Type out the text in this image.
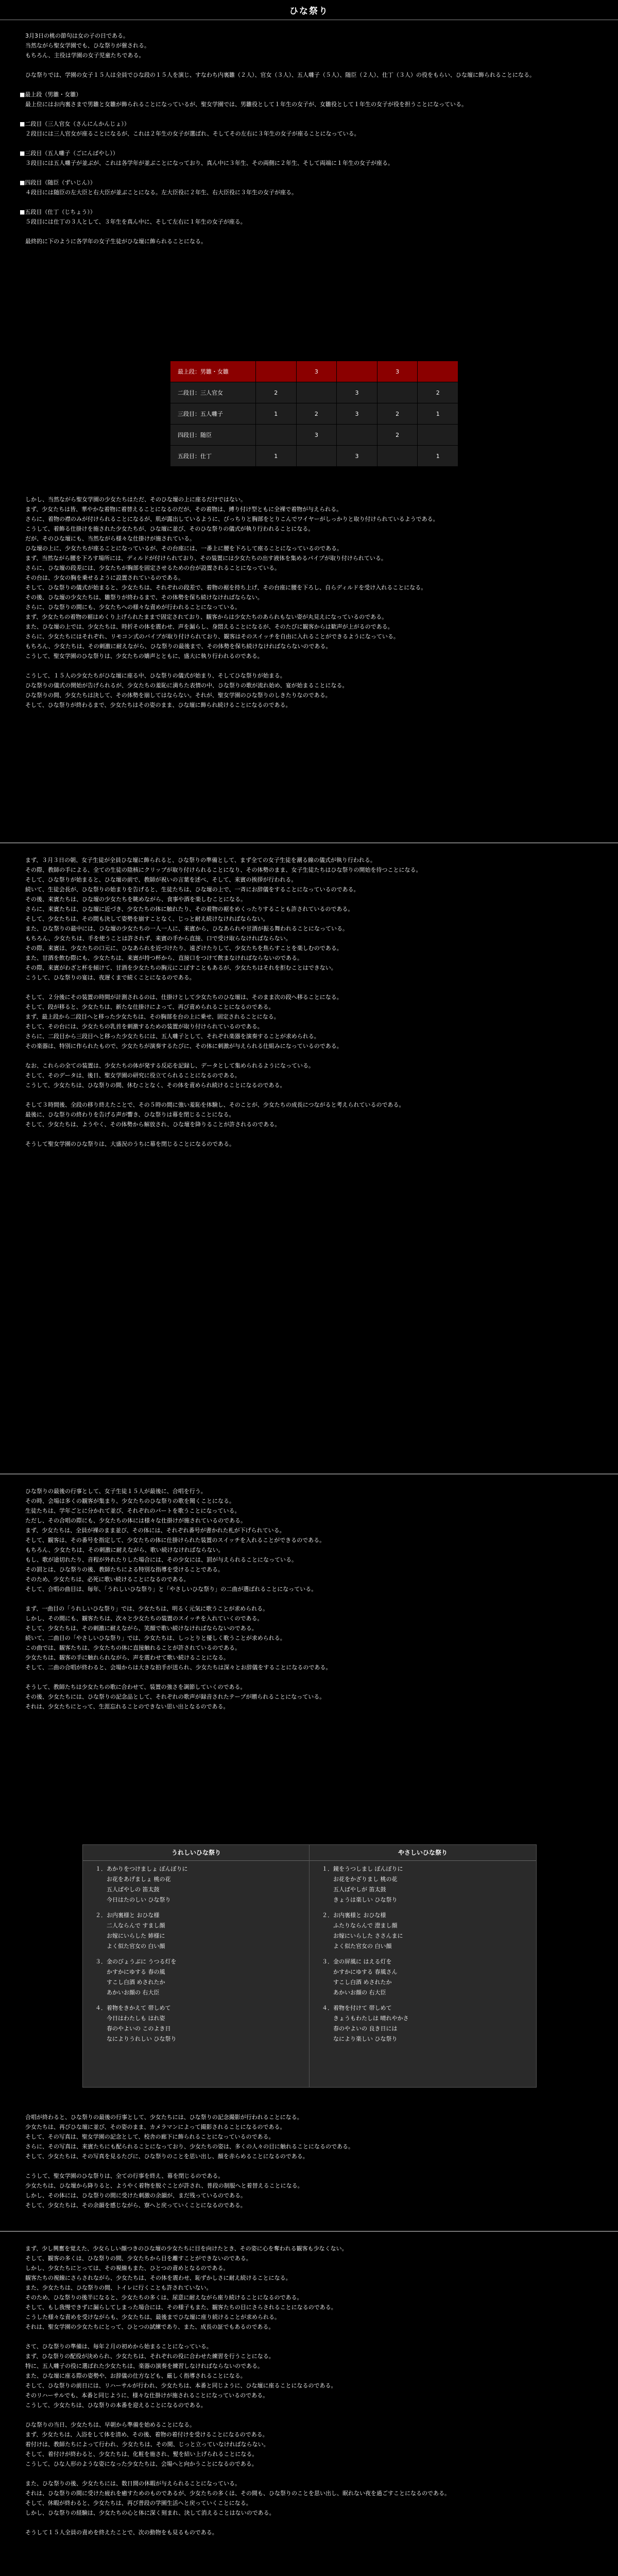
ひな祭り

　3月3日の桃の節句は女の子の日である。

　当然ながら聖女学園でも、ひな祭りが催される。

　もちろん、主役は学園の女子児童たちである。

　ひな祭りでは、学園の女子１５人は全員でひな段の１５人を演じ、すなわち内裏雛（２人）、官女（３人）、五人囃子（５人）、随臣（２人）、仕丁（３人）の役をもらい、ひな壇に飾られることになる。

■最上段（男雛・女雛）

　最上位にはお内裏さまで男雛と女雛が飾られることになっているが、聖女学園では、男雛役として１年生の女子が、女雛役として１年生の女子が役を担うことになっている。

■二段目（三人官女（さんにんかんじょ））

　２段目には三人官女が座ることになるが、これは２年生の女子が選ばれ、そしてその左右に３年生の女子が座ることになっている。

■三段目（五人囃子（ごにんばやし））

　３段目には五人囃子が並ぶが、これは各学年が並ぶことになっており、真ん中に３年生、その両側に２年生、そして両端に１年生の女子が座る。

■四段目（随臣（ずいじん））

　４段目には随臣の左大臣と右大臣が並ぶことになる。左大臣役に２年生、右大臣役に３年生の女子が座る。

■五段目（仕丁（じちょう））

　５段目には仕丁の３人として、３年生を真ん中に、そして左右に１年生の女子が座る。

　最終的に下のように各学年の女子生徒がひな壇に飾られることになる。

最上段：男雛・女雛		3		3	
二段目：三人官女	2		3		2
三段目：五人囃子	1	2	3	2	1
四段目：随臣		3		2	
五段目：仕丁	1		3		1

　しかし、当然ながら聖女学園の少女たちはただ、そのひな壇の上に座るだけではない。

　まず、少女たちは皆、華やかな着物に着替えることになるのだが、その着物は、縛り付け型ともに全裸で着物が与えられる。

　さらに、着物の襟のみが付けられることになるが、肌が露出しているように、びっちりと胸部をとりこんでワイヤーがしっかりと取り付けられているようである。

　こうして、着飾る仕掛けを施された少女たちが、ひな壇に並び、そのひな祭りの儀式が執り行われることになる。

　だが、そのひな壇にも、当然ながら様々な仕掛けが施されている。

　ひな壇の上に、少女たちが座ることになっているが、その台座には、一番上に腰を下ろして座ることになっているのである。

　まず、当然ながら腰を下ろす場所には、ディルドが付けられており、その装置には少女たちの出す液体を集めるパイプが取り付けられている。

　さらに、ひな壇の段差には、少女たちが胸部を固定させるための台が設置されることになっている。

　その台は、少女の胸を乗せるように設置されているのである。

　そして、ひな祭りの儀式が始まると、少女たちは、それぞれの段差で、着物の裾を持ち上げ、その台座に腰を下ろし、自らディルドを受け入れることになる。

　その後、ひな壇の少女たちは、雛祭りが終わるまで、その体勢を保ち続けなければならない。

　さらに、ひな祭りの間にも、少女たちへの様々な責めが行われることになっている。

　まず、少女たちの着物の裾はめくり上げられたままで固定されており、観客からは少女たちのあられもない姿が丸見えになっているのである。

　また、ひな壇の上では、少女たちは、時折その体を震わせ、声を漏らし、身悶えることになるが、そのたびに観客からは歓声が上がるのである。

　さらに、少女たちにはそれぞれ、リモコン式のバイブが取り付けられており、観客はそのスイッチを自由に入れることができるようになっている。

　もちろん、少女たちは、その刺激に耐えながら、ひな祭りの最後まで、その体勢を保ち続けなければならないのである。

　こうして、聖女学園のひな祭りは、少女たちの嬌声とともに、盛大に執り行われるのである。

　こうして、１５人の少女たちがひな壇に座る中、ひな祭りの儀式が始まり、そしてひな祭りが始まる。

　ひな祭りの儀式の開始が告げられるが、少女たちの羞恥に満ちた表情の中、ひな祭りの歌が流れ始め、宴が始まることになる。

　ひな祭りの間、少女たちは決して、その体勢を崩してはならない。それが、聖女学園のひな祭りのしきたりなのである。

　そして、ひな祭りが終わるまで、少女たちはその姿のまま、ひな壇に飾られ続けることになるのである。

　まず、３月３日の朝、女子生徒が全員ひな壇に飾られると、ひな祭りの準備として、まず全ての女子生徒を潮る線の儀式が執り行われる。

　その際、教師の手による、全ての生徒の陰核にクリップが取り付けられることになり、その体勢のまま、女子生徒たちはひな祭りの開始を待つことになる。

　そして、ひな祭りが始まると、ひな壇の前で、教師が祝いの言葉を述べ、そして、来賓の挨拶が行われる。

　続いて、生徒会長が、ひな祭りの始まりを告げると、生徒たちは、ひな壇の上で、一斉にお辞儀をすることになっているのである。

　その後、来賓たちは、ひな壇の少女たちを眺めながら、食事や酒を楽しむことになる。

　さらに、来賓たちは、ひな壇に近づき、少女たちの体に触れたり、その着物の裾をめくったりすることも許されているのである。

　そして、少女たちは、その間も決して姿勢を崩すことなく、じっと耐え続けなければならない。

　また、ひな祭りの最中には、ひな壇の少女たちの一人一人に、来賓から、ひなあられや甘酒が振る舞われることになっている。

　もちろん、少女たちは、手を使うことは許されず、来賓の手から直接、口で受け取らなければならない。

　その際、来賓は、少女たちの口元に、ひなあられを近づけたり、遠ざけたりして、少女たちを焦らすことを楽しむのである。

　また、甘酒を飲む際にも、少女たちは、来賓が持つ杯から、直接口をつけて飲まなければならないのである。

　その際、来賓がわざと杯を傾けて、甘酒を少女たちの胸元にこぼすこともあるが、少女たちはそれを拒むことはできない。

　こうして、ひな祭りの宴は、夜遅くまで続くことになるのである。

　そして、２分後にその装置の時間が計測されるのは、仕掛けとして少女たちのひな壇は、そのまま次の段へ移ることになる。

　そして、段が移ると、少女たちは、新たな仕掛けによって、再び責められることになるのである。

　まず、最上段から二段目へと移った少女たちは、その胸部を台の上に乗せ、固定されることになる。

　そして、その台には、少女たちの乳首を刺激するための装置が取り付けられているのである。

　さらに、二段目から三段目へと移った少女たちには、五人囃子として、それぞれ楽器を演奏することが求められる。

　その楽器は、特別に作られたもので、少女たちが演奏するたびに、その体に刺激が与えられる仕組みになっているのである。

　なお、これらの全ての装置は、少女たちの体が発する反応を記録し、データとして集められるようになっている。

　そして、そのデータは、後日、聖女学園の研究に役立てられることになるのである。

　こうして、少女たちは、ひな祭りの間、休むことなく、その体を責められ続けることになるのである。

　そして３時間後、全段の移り終えたことで、その５時の間に強い羞恥を体験し、そのことが、少女たちの成長につながると考えられているのである。

　最後に、ひな祭りの終わりを告げる声が響き、ひな祭りは幕を閉じることになる。

　そして、少女たちは、ようやく、その体勢から解放され、ひな壇を降りることが許されるのである。

　そうして聖女学園のひな祭りは、大盛況のうちに幕を閉じることになるのである。

　ひな祭りの最後の行事として、女子生徒１５人が最後に、合唱を行う。

　その時、会場は多くの観客が集まり、少女たちのひな祭りの歌を聞くことになる。

　生徒たちは、学年ごとに分かれて並び、それぞれのパートを歌うことになっている。

　ただし、その合唱の際にも、少女たちの体には様々な仕掛けが施されているのである。

　まず、少女たちは、全員が裸のまま並び、その体には、それぞれ番号が書かれた札が下げられている。

　そして、観客は、その番号を指定して、少女たちの体に仕掛けられた装置のスイッチを入れることができるのである。

　もちろん、少女たちは、その刺激に耐えながら、歌い続けなければならない。

　もし、歌が途切れたり、音程が外れたりした場合には、その少女には、罰が与えられることになっている。

　その罰とは、ひな祭りの後、教師たちによる特別な指導を受けることである。

　そのため、少女たちは、必死に歌い続けることになるのである。

　そして、合唱の曲目は、毎年、「うれしいひな祭り」と「やさしいひな祭り」の二曲が選ばれることになっている。

　まず、一曲目の「うれしいひな祭り」では、少女たちは、明るく元気に歌うことが求められる。

　しかし、その間にも、観客たちは、次々と少女たちの装置のスイッチを入れていくのである。

　そして、少女たちは、その刺激に耐えながら、笑顔で歌い続けなければならないのである。

　続いて、二曲目の「やさしいひな祭り」では、少女たちは、しっとりと優しく歌うことが求められる。

　この曲では、観客たちは、少女たちの体に直接触れることが許されているのである。

　少女たちは、観客の手に触れられながら、声を震わせて歌い続けることになる。

　そして、二曲の合唱が終わると、会場からは大きな拍手が送られ、少女たちは深々とお辞儀をすることになるのである。

　そうして、教師たちは少女たちの歌に合わせて、装置の強さを調節していくのである。

　その後、少女たちには、ひな祭りの記念品として、それぞれの歌声が録音されたテープが贈られることになっている。

　それは、少女たちにとって、生涯忘れることのできない思い出となるのである。

うれしいひな祭り

１．あかりをつけましょ ぼんぼりに

　　お花をあげましょ 桃の花

　　五人ばやしの 笛太鼓

　　今日はたのしい ひな祭り

２．お内裏様と おひな様

　　二人ならんで すまし顔

　　お嫁にいらした 姉様に

　　よく似た官女の 白い顔

３．金のびょうぶに うつる灯を

　　かすかにゆする 春の風

　　すこし白酒 めされたか

　　あかいお顔の 右大臣

４．着物をきかえて 帯しめて

　　今日はわたしも はれ姿

　　春のやよいの このよき日

　　なによりうれしい ひな祭り

やさしいひな祭り

１．鏡をうつしまし ぼんぼりに

　　お花をかざりまし 桃の花

　　五人ばやしが 笛太鼓

　　きょうは楽しい ひな祭り

２．お内裏様と おひな様

　　ふたりならんで 澄まし顔

　　お嫁にいらした ささんまに

　　よく似た官女の 白い顔

３．金の屏風に はえる灯を

　　かすかにゆする 春風さん

　　すこし白酒 めされたか

　　あかいお顔の 右大臣

４．着物を付けて 帯しめて

　　きょうもわたしは 晴れやかさ

　　春のやよいの 良き日には

　　なにより楽しい ひな祭り

　合唱が終わると、ひな祭りの最後の行事として、少女たちには、ひな祭りの記念撮影が行われることになる。

　少女たちは、再びひな壇に並び、その姿のまま、カメラマンによって撮影されることになるのである。

　そして、その写真は、聖女学園の記念として、校舎の廊下に飾られることになっているのである。

　さらに、その写真は、来賓たちにも配られることになっており、少女たちの姿は、多くの人々の目に触れることになるのである。

　そして、少女たちは、その写真を見るたびに、ひな祭りのことを思い出し、顔を赤らめることになるのである。

　こうして、聖女学園のひな祭りは、全ての行事を終え、幕を閉じるのである。

　少女たちは、ひな壇から降りると、ようやく着物を脱ぐことが許され、普段の制服へと着替えることになる。

　しかし、その体には、ひな祭りの間に受けた刺激の余韻が、まだ残っているのである。

　そして、少女たちは、その余韻を感じながら、寮へと戻っていくことになるのである。

　まず、少し興奮を覚えた、少女らしい顔つきのひな壇の少女たちに目を向けたとき、その姿に心を奪われる観客も少なくない。

　そして、観客の多くは、ひな祭りの間、少女たちから目を離すことができないのである。

　しかし、少女たちにとっては、その視線もまた、ひとつの責めとなるのである。

　観客たちの視線にさらされながら、少女たちは、その体を震わせ、恥ずかしさに耐え続けることになる。

　また、少女たちは、ひな祭りの間、トイレに行くことも許されていない。

　そのため、ひな祭りの後半になると、少女たちの多くは、尿意に耐えながら座り続けることになるのである。

　そして、もし我慢できずに漏らしてしまった場合には、その様子もまた、観客たちの目にさらされることになるのである。

　こうした様々な責めを受けながらも、少女たちは、最後までひな壇に座り続けることが求められる。

　それは、聖女学園の少女たちにとって、ひとつの試練であり、また、成長の証でもあるのである。

　さて、ひな祭りの準備は、毎年２月の初めから始まることになっている。

　まず、ひな祭りの配役が決められ、少女たちは、それぞれの役に合わせた練習を行うことになる。

　特に、五人囃子の役に選ばれた少女たちは、楽器の演奏を練習しなければならないのである。

　また、ひな壇に座る際の姿勢や、お辞儀の仕方なども、厳しく指導されることになる。

　そして、ひな祭りの前日には、リハーサルが行われ、少女たちは、本番と同じように、ひな壇に座ることになるのである。

　そのリハーサルでも、本番と同じように、様々な仕掛けが施されることになっているのである。

　こうして、少女たちは、ひな祭りの本番を迎えることになるのである。

　ひな祭りの当日、少女たちは、早朝から準備を始めることになる。

　まず、少女たちは、入浴をして体を清め、その後、着物の着付けを受けることになるのである。

　着付けは、教師たちによって行われ、少女たちは、その間、じっと立っていなければならない。

　そして、着付けが終わると、少女たちは、化粧を施され、髪を結い上げられることになる。

　こうして、ひな人形のような姿になった少女たちは、会場へと向かうことになるのである。

　また、ひな祭りの後、少女たちには、数日間の休暇が与えられることになっている。

　それは、ひな祭りの間に受けた疲れを癒すためのものであるが、少女たちの多くは、その間も、ひな祭りのことを思い出し、眠れない夜を過ごすことになるのである。

　そして、休暇が終わると、少女たちは、再び普段の学園生活へと戻っていくことになる。

　しかし、ひな祭りの経験は、少女たちの心と体に深く刻まれ、決して消えることはないのである。

　そうして１５人全員の責めを終えたことで、次の動物をも見るものである。
